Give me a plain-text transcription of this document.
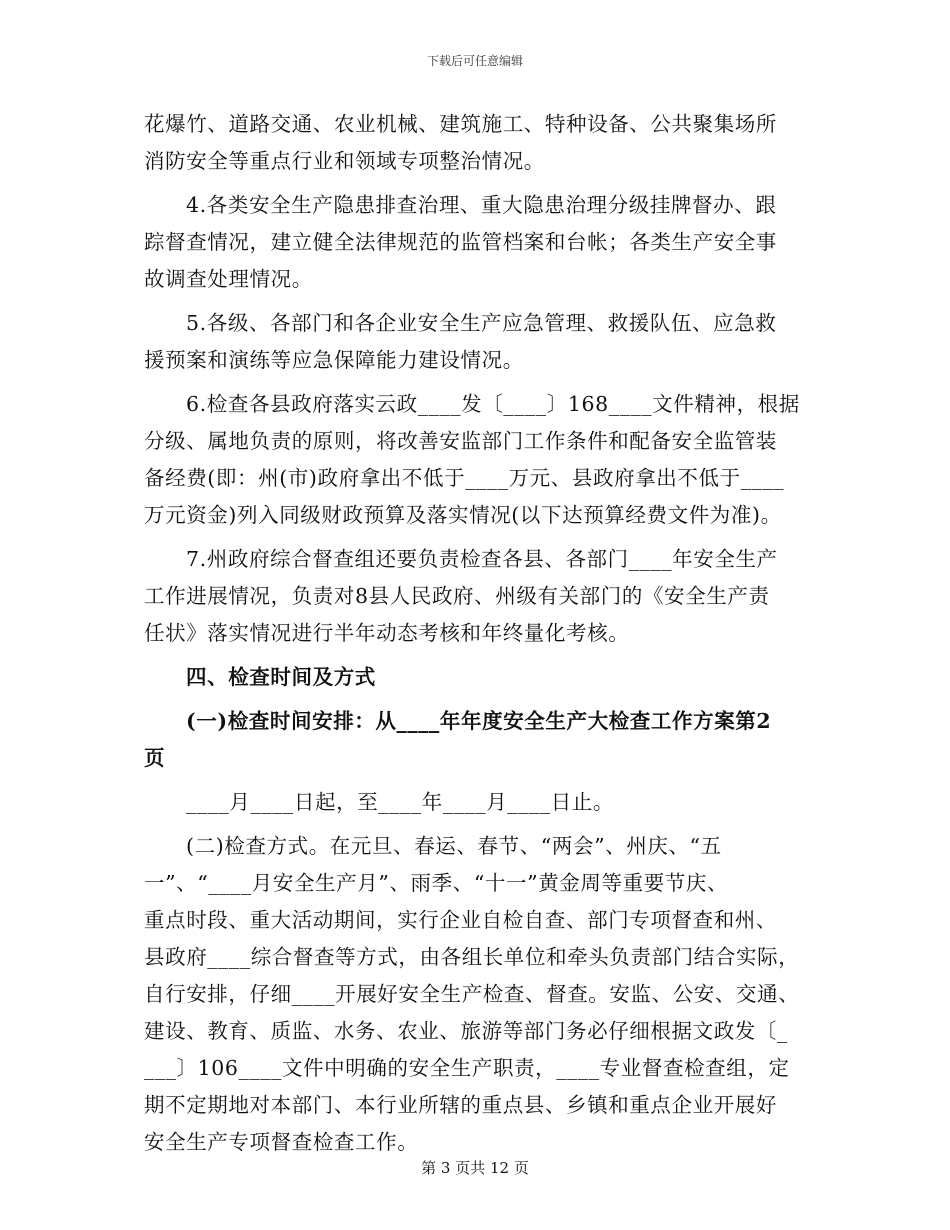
下载后可任意编辑
花爆竹、道路交通、农业机械、建筑施工、特种设备、公共聚集场所
消防安全等重点行业和领域专项整治情况。
4.各类安全生产隐患排查治理、重大隐患治理分级挂牌督办、跟
踪督查情况，建立健全法律规范的监管档案和台帐；各类生产安全事
故调查处理情况。
5.各级、各部门和各企业安全生产应急管理、救援队伍、应急救
援预案和演练等应急保障能力建设情况。
6.检查各县政府落实云政____发〔____〕168____文件精神，根据
分级、属地负责的原则，将改善安监部门工作条件和配备安全监管装
备经费(即：州(市)政府拿出不低于____万元、县政府拿出不低于____
万元资金)列入同级财政预算及落实情况(以下达预算经费文件为准)。
7.州政府综合督查组还要负责检查各县、各部门____年安全生产
工作进展情况，负责对8县人民政府、州级有关部门的《安全生产责
任状》落实情况进行半年动态考核和年终量化考核。
四、检查时间及方式
(一)检查时间安排：从____年年度安全生产大检查工作方案第2
页
____月____日起，至____年____月____日止。
(二)检查方式。在元旦、春运、春节、“两会”、州庆、“五
一”、“____月安全生产月”、雨季、“十一”黄金周等重要节庆、
重点时段、重大活动期间，实行企业自检自查、部门专项督查和州、
县政府____综合督查等方式，由各组长单位和牵头负责部门结合实际，
自行安排，仔细____开展好安全生产检查、督查。安监、公安、交通、
建设、教育、质监、水务、农业、旅游等部门务必仔细根据文政发〔_
___〕106____文件中明确的安全生产职责，____专业督查检查组，定
期不定期地对本部门、本行业所辖的重点县、乡镇和重点企业开展好
安全生产专项督查检查工作。
第 3 页共 12 页
